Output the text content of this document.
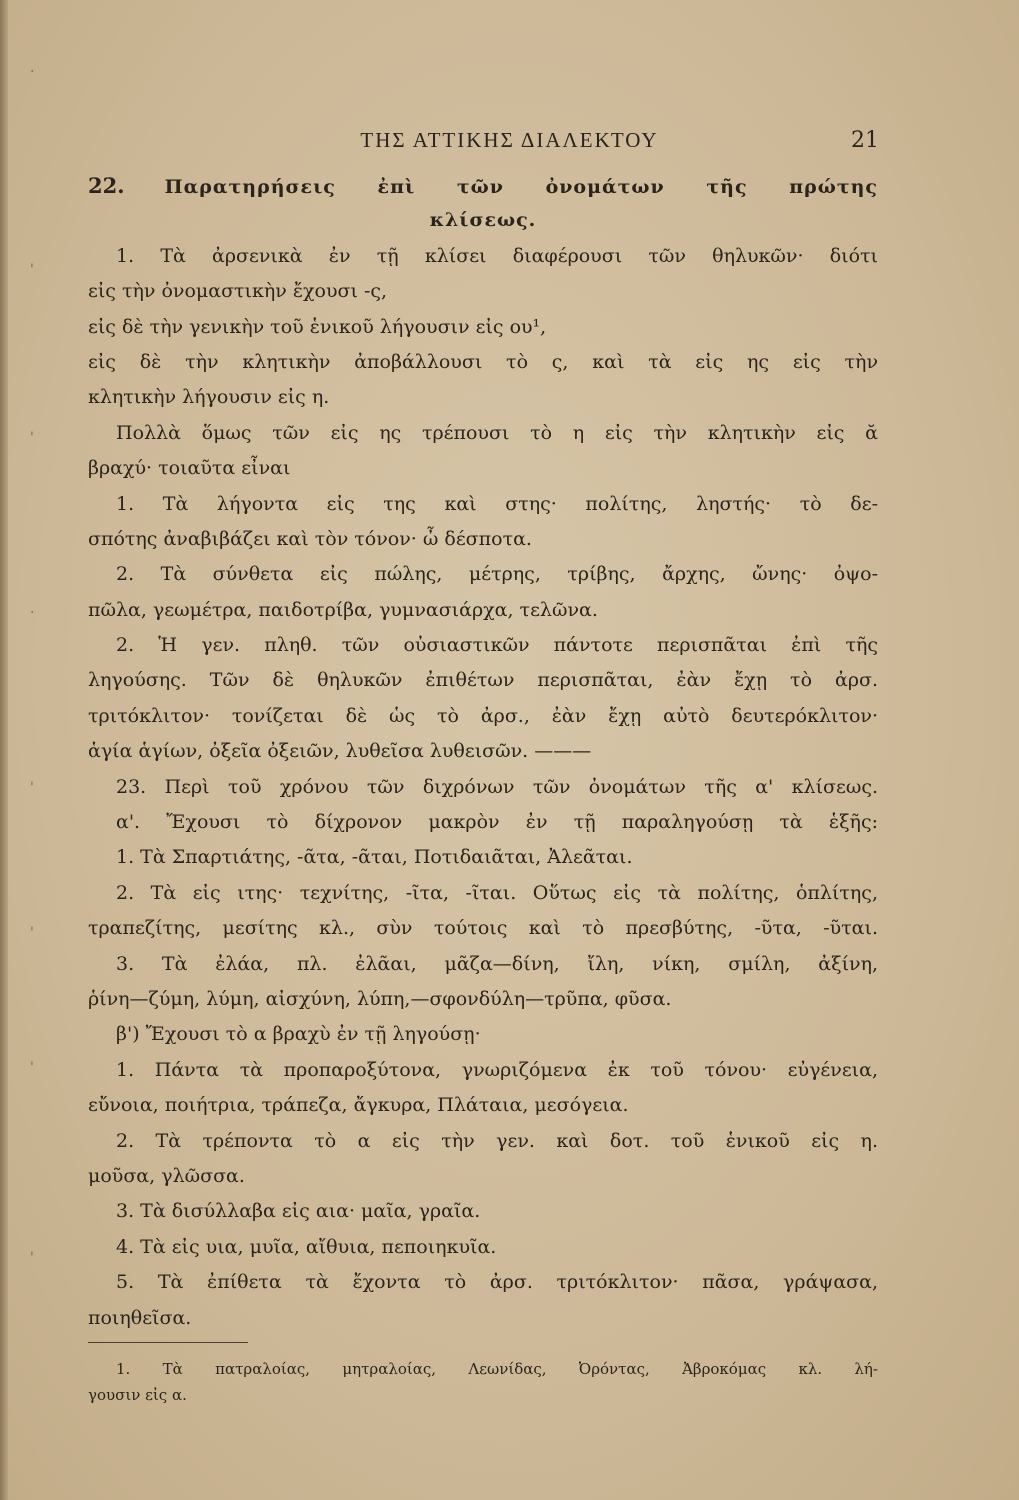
ΤΗΣ ΑΤΤΙΚΗΣ ΔΙΑΛΕΚΤΟΥ	21
·
'
'
·
'
'
'
'
22. Παρατηρήσεις ἐπὶ τῶν ὀνομάτων τῆς πρώτης
κλίσεως.
1. Τὰ ἀρσενικὰ ἐν τῇ κλίσει διαφέρουσι τῶν θηλυκῶν· διότι
εἰς τὴν ὀνομαστικὴν ἔχουσι -ς,
εἰς δὲ τὴν γενικὴν τοῦ ἑνικοῦ λήγουσιν εἰς ου¹,
εἰς δὲ τὴν κλητικὴν ἀποβάλλουσι τὸ ς, καὶ τὰ εἰς ης εἰς τὴν
κλητικὴν λήγουσιν εἰς η.
Πολλὰ ὅμως τῶν εἰς ης τρέπουσι τὸ η εἰς τὴν κλητικὴν εἰς ᾰ
βραχύ· τοιαῦτα εἶναι
1. Τὰ λήγοντα εἰς της καὶ στης· πολίτης, ληστής· τὸ δε-
σπότης ἀναβιβάζει καὶ τὸν τόνον· ὦ δέσποτα.
2. Τὰ σύνθετα εἰς πώλης, μέτρης, τρίβης, ἄρχης, ὤνης· ὀψο-
πῶλα, γεωμέτρα, παιδοτρίβα, γυμνασιάρχα, τελῶνα.
2. Ἡ γεν. πληθ. τῶν οὐσιαστικῶν πάντοτε περισπᾶται ἐπὶ τῆς
ληγούσης. Τῶν δὲ θηλυκῶν ἐπιθέτων περισπᾶται, ἐὰν ἔχῃ τὸ ἀρσ.
τριτόκλιτον· τονίζεται δὲ ὡς τὸ ἀρσ., ἐὰν ἔχῃ αὐτὸ δευτερόκλιτον·
ἁγία ἁγίων, ὀξεῖα ὀξειῶν, λυθεῖσα λυθεισῶν. ———
23. Περὶ τοῦ χρόνου τῶν διχρόνων τῶν ὀνομάτων τῆς α' κλίσεως.
α'. Ἔχουσι τὸ δίχρονον μακρὸν ἐν τῇ παραληγούσῃ τὰ ἑξῆς:
1. Τὰ Σπαρτιάτης, -ᾶτα, -ᾶται, Ποτιδαιᾶται, Ἀλεᾶται.
2. Τὰ εἰς ιτης· τεχνίτης, -ῖτα, -ῖται. Οὕτως εἰς τὰ πολίτης, ὁπλίτης,
τραπεζίτης, μεσίτης κλ., σὺν τούτοις καὶ τὸ πρεσβύτης, -ῦτα, -ῦται.
3. Τὰ ἐλάα, πλ. ἐλᾶαι, μᾶζα—δίνη, ἴλη, νίκη, σμίλη, ἀξίνη,
ῥίνη—ζύμη, λύμη, αἰσχύνη, λύπη,—σφονδύλη—τρῦπα, φῦσα.
β') Ἔχουσι τὸ α βραχὺ ἐν τῇ ληγούσῃ·
1. Πάντα τὰ προπαροξύτονα, γνωριζόμενα ἐκ τοῦ τόνου· εὐγένεια,
εὔνοια, ποιήτρια, τράπεζα, ἄγκυρα, Πλάταια, μεσόγεια.
2. Τὰ τρέποντα τὸ α εἰς τὴν γεν. καὶ δοτ. τοῦ ἑνικοῦ εἰς η.
μοῦσα, γλῶσσα.
3. Τὰ δισύλλαβα εἰς αια· μαῖα, γραῖα.
4. Τὰ εἰς υια, μυῖα, αἴθυια, πεποιηκυῖα.
5. Τὰ ἐπίθετα τὰ ἔχοντα τὸ ἀρσ. τριτόκλιτον· πᾶσα, γράψασα,
ποιηθεῖσα.
1. Τὰ πατραλοίας, μητραλοίας, Λεωνίδας, Ὀρόντας, Ἀβροκόμας κλ. λή-
γουσιν εἰς α.
